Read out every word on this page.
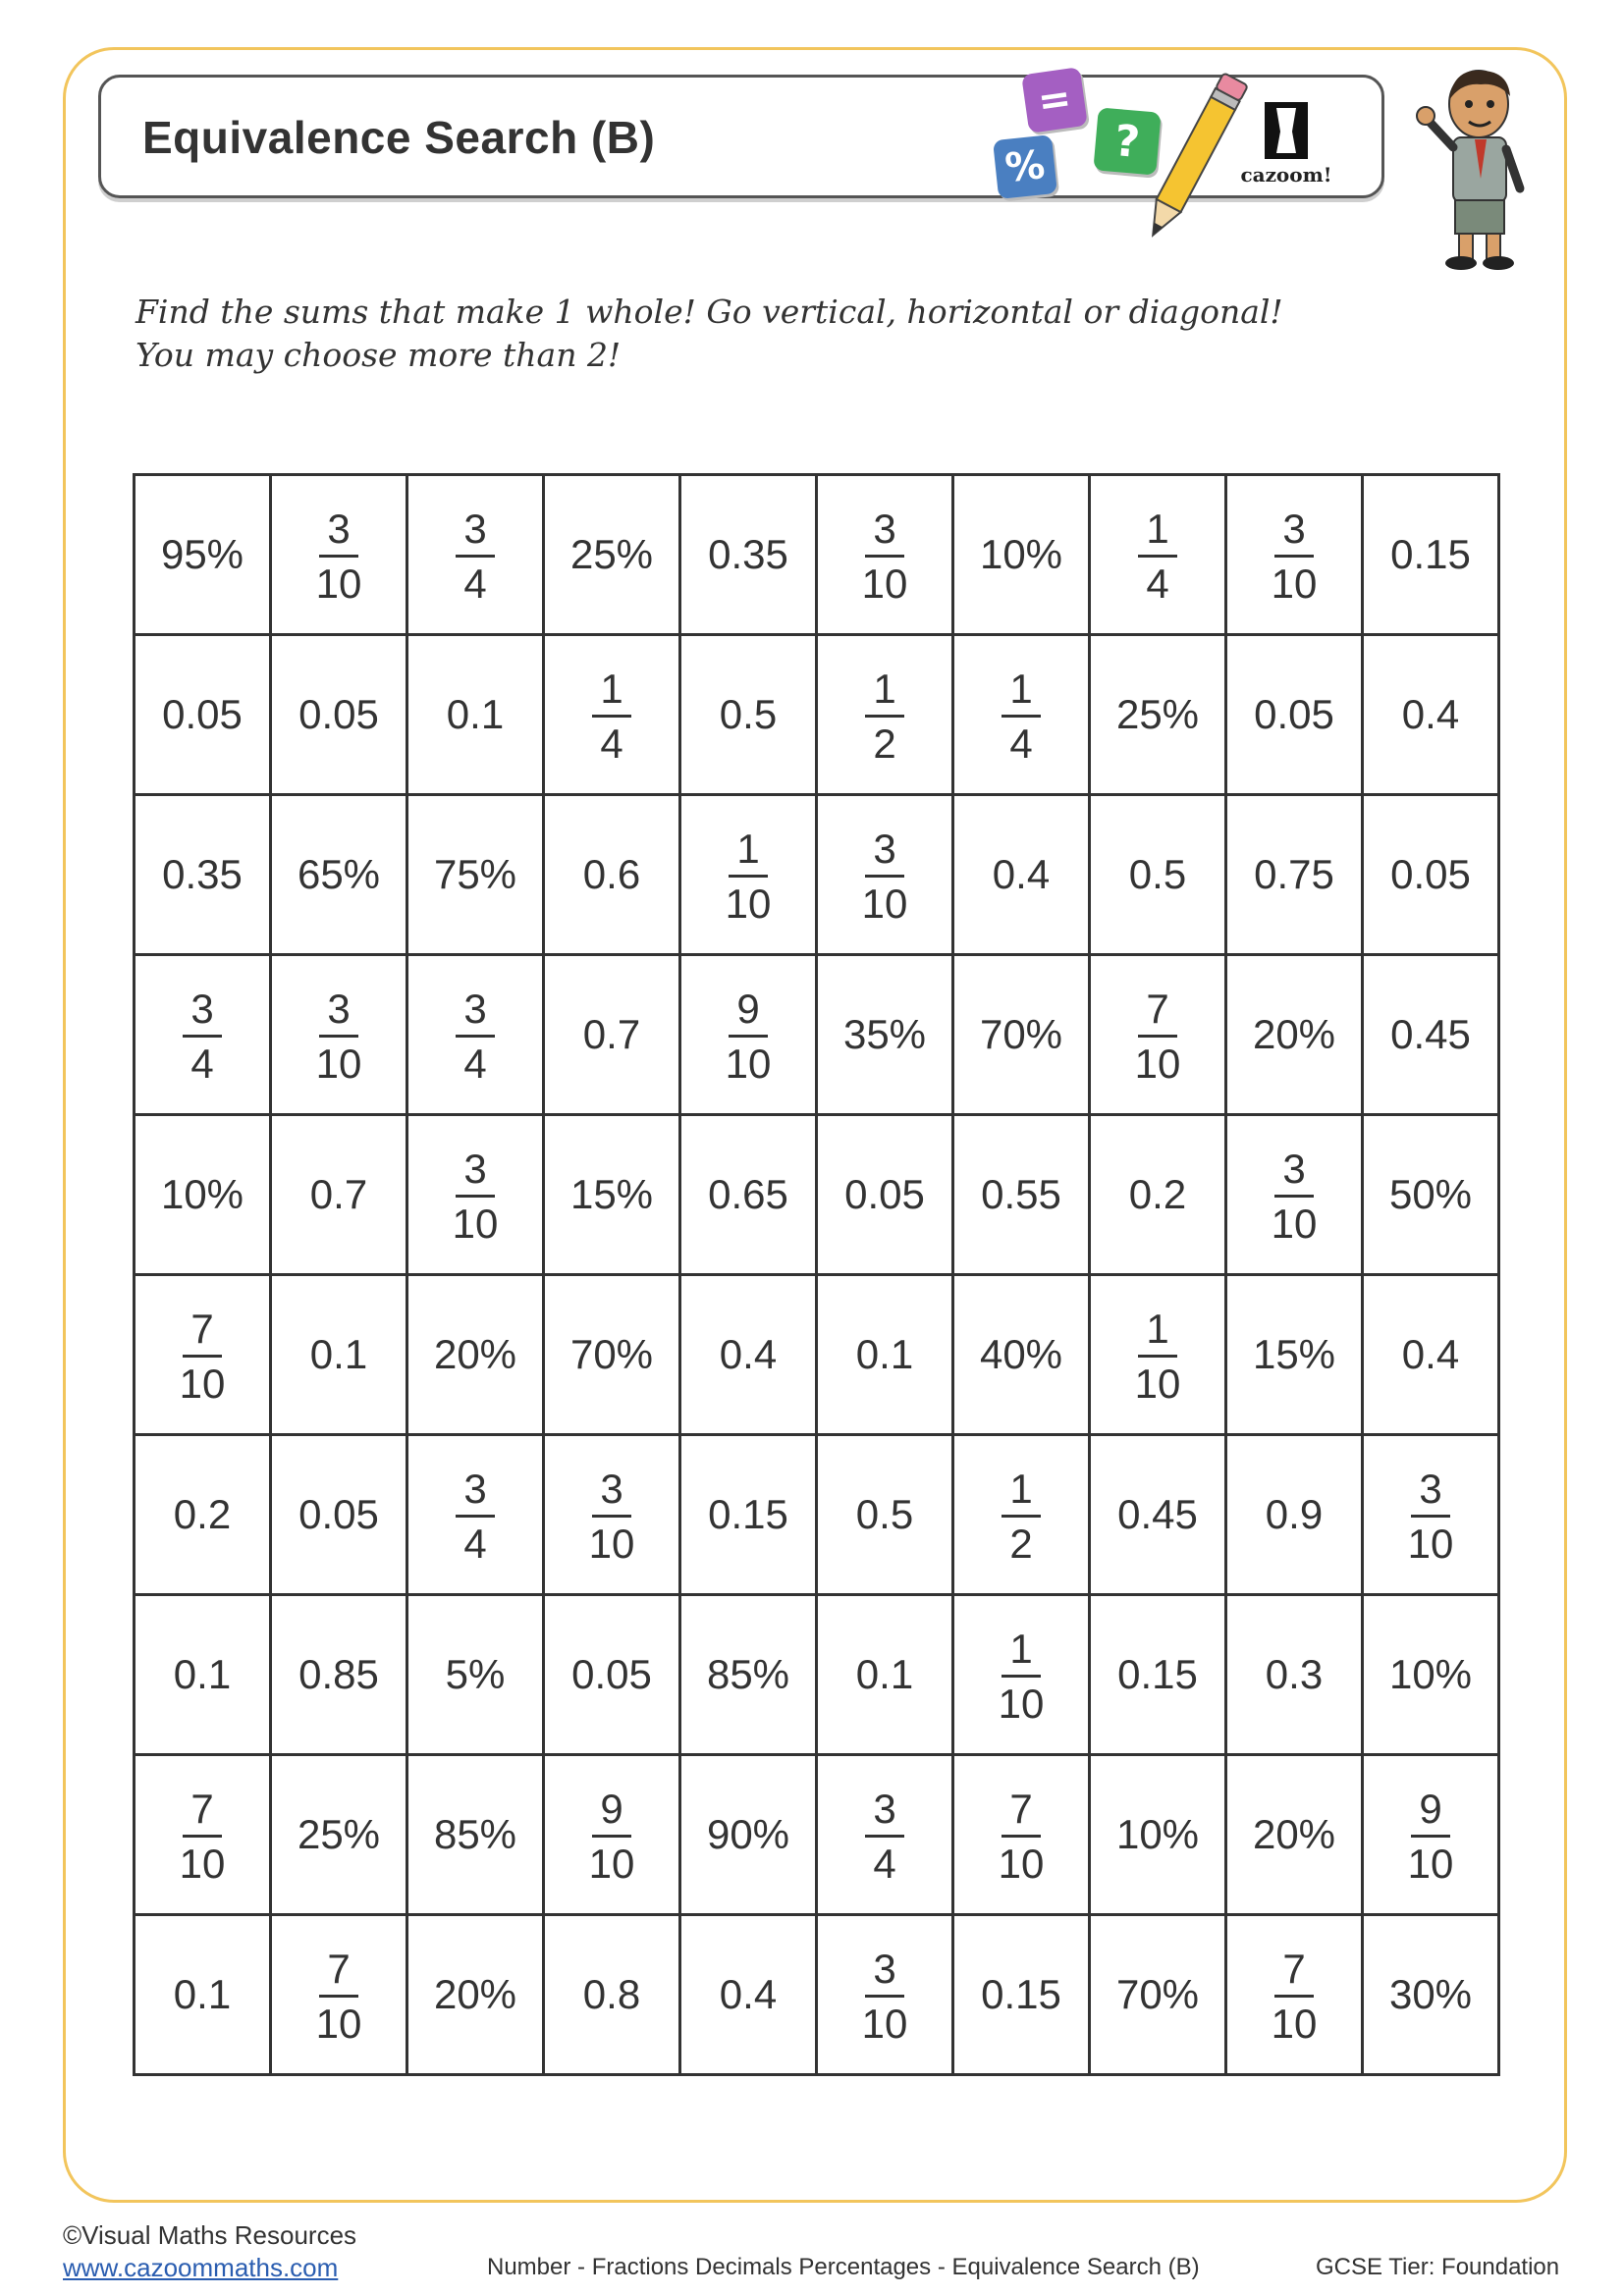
Equivalence Search (B)
=
?
%	cazoom!
Find the sums that make 1 whole! Go vertical, horizontal or diagonal!
You may choose more than 2!
95%	$\frac{3}{10}$	$\frac{3}{4}$	25%	0.35	$\frac{3}{10}$	10%	$\frac{1}{4}$	$\frac{3}{10}$	0.15
0.05	0.05	0.1	$\frac{1}{4}$	0.5	$\frac{1}{2}$	$\frac{1}{4}$	25%	0.05	0.4
0.35	65%	75%	0.6	$\frac{1}{10}$	$\frac{3}{10}$	0.4	0.5	0.75	0.05

$\frac{3}{4}$	$\frac{3}{10}$	$\frac{3}{4}$	0.7	$\frac{9}{10}$	35%	70%	$\frac{7}{10}$	20%	0.45
10%	0.7	$\frac{3}{10}$	15%	0.65	0.05	0.55	0.2	$\frac{3}{10}$	50%

$\frac{7}{10}$	0.1	20%	70%	0.4	0.1	40%	$\frac{1}{10}$	15%	0.4
0.2	0.05	$\frac{3}{4}$	$\frac{3}{10}$	0.15	0.5	$\frac{1}{2}$	0.45	0.9	$\frac{3}{10}$

0.1	0.85	5%	0.05	85%	0.1	$\frac{1}{10}$	0.15	0.3	10%

$\frac{7}{10}$	25%	85%	$\frac{9}{10}$	90%	$\frac{3}{4}$	$\frac{7}{10}$	10%	20%	$\frac{9}{10}$

0.1	$\frac{7}{10}$	20%	0.8	0.4	$\frac{3}{10}$	0.15	70%	$\frac{7}{10}$	30%
©Visual Maths Resources
www.cazoommaths.com	Number - Fractions Decimals Percentages - Equivalence Search (B)	GCSE Tier: Foundation
